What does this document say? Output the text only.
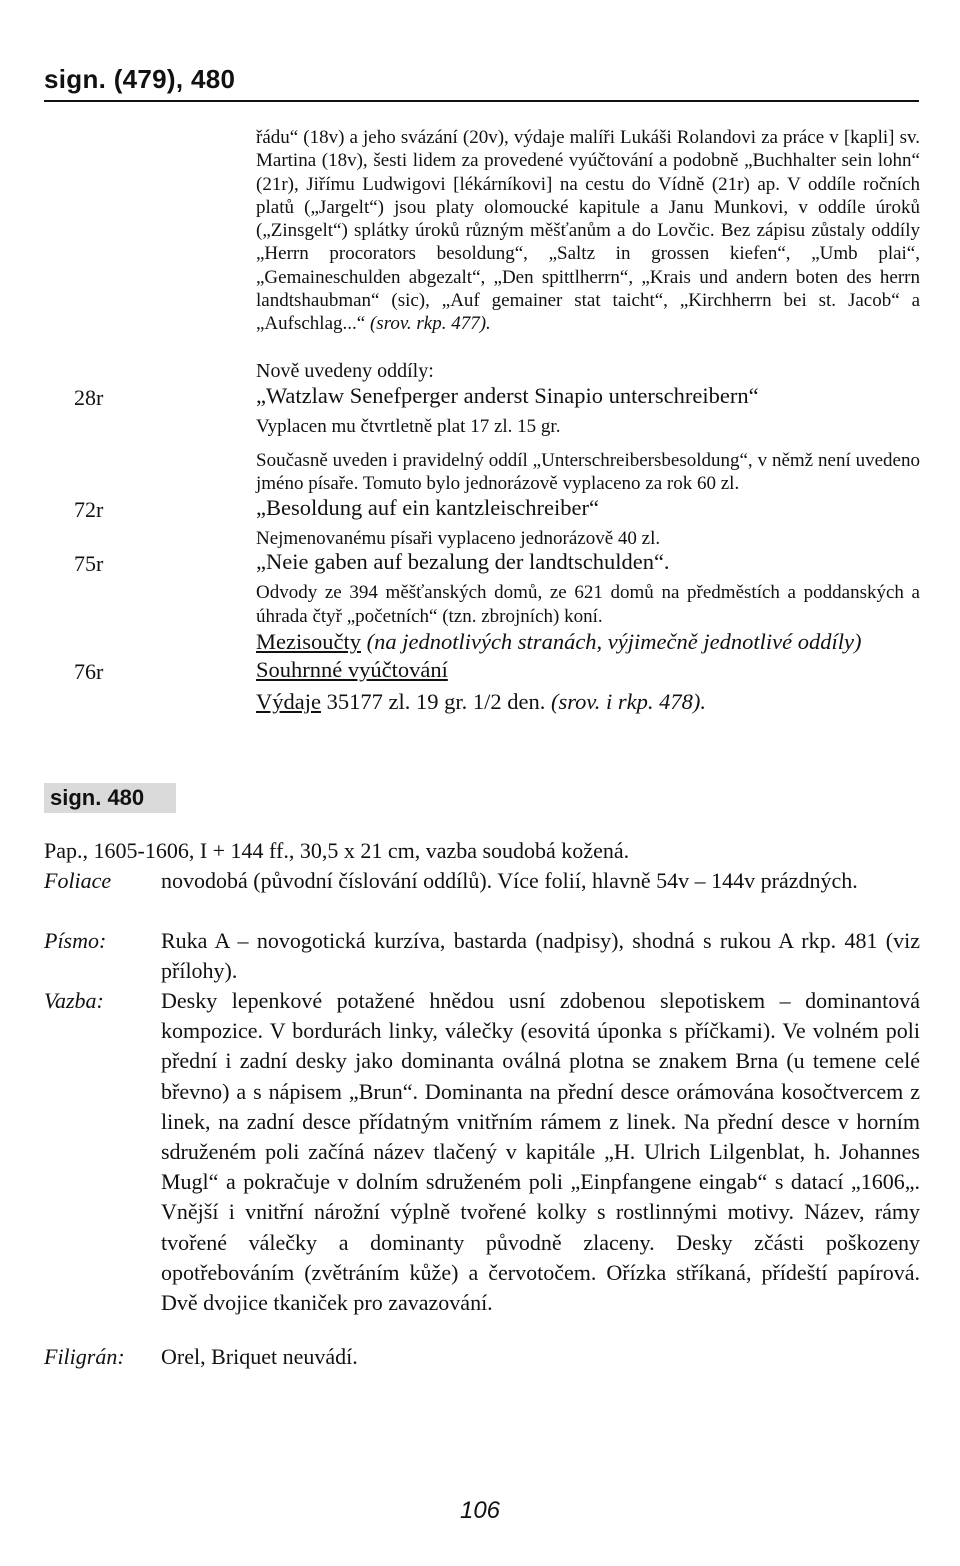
sign. (479), 480
řádu“ (18v) a jeho svázání (20v), výdaje malíři Lukáši Rolandovi za práce v [kapli] sv. Martina (18v), šesti lidem za provedené vyúčtování a podobně „Buchhalter sein lohn“ (21r), Jiřímu Ludwigovi [lékárníkovi] na cestu do Vídně (21r) ap. V oddíle ročních platů („Jargelt“) jsou platy olomoucké kapitule a Janu Munkovi, v oddíle úroků („Zinsgelt“) splátky úroků různým měšťanům a do Lovčic. Bez zápisu zůstaly oddíly „Herrn procorators besoldung“, „Saltz in grossen kiefen“, „Umb plai“, „Gemaineschulden abgezalt“, „Den spittlherrn“, „Krais und andern boten des herrn landtshaubman“ (sic), „Auf gemainer stat taicht“, „Kirchherrn bei st. Jacob“ a „Aufschlag...“ (srov. rkp. 477).
Nově uvedeny oddíly:
28r	„Watzlaw Senefperger anderst Sinapio unterschreibern“
Vyplacen mu čtvrtletně plat 17 zl. 15 gr.
Současně uveden i pravidelný oddíl „Unterschreibersbesoldung“, v němž není uvedeno jméno písaře. Tomuto bylo jednorázově vyplaceno za rok 60 zl.
72r	„Besoldung auf ein kantzleischreiber“
Nejmenovanému písaři vyplaceno jednorázově 40 zl.
75r	„Neie gaben auf bezalung der landtschulden“.
Odvody ze 394 měšťanských domů, ze 621 domů na předměstích a poddanských a úhrada čtyř „početních“ (tzn. zbrojních) koní.
Mezisoučty (na jednotlivých stranách, výjimečně jednotlivé oddíly)
76r	Souhrnné vyúčtování
Výdaje 35177 zl. 19 gr. 1/2 den. (srov. i rkp. 478).
sign. 480
Pap., 1605-1606, I + 144 ff., 30,5 x 21 cm, vazba soudobá kožená.
Foliace novodobá (původní číslování oddílů). Více folií, hlavně 54v – 144v prázdných.
Písmo: Ruka A – novogotická kurzíva, bastarda (nadpisy), shodná s rukou A rkp. 481 (viz přílohy).
Vazba:	Desky lepenkové potažené hnědou usní zdobenou slepotiskem – dominantová kompozice. V bordurách linky, válečky (esovitá úponka s příčkami). Ve volném poli přední i zadní desky jako dominanta oválná plotna se znakem Brna (u temene celé břevno) a s nápisem „Brun“. Dominanta na přední desce orámována kosočtvercem z linek, na zadní desce přídatným vnitřním rámem z linek. Na přední desce v horním sdruženém poli začíná název tlačený v kapitále „H. Ulrich Lilgenblat, h. Johannes Mugl“ a pokračuje v dolním sdruženém poli „Einpfangene eingab“ s datací „1606„. Vnější i vnitřní nárožní výplně tvořené kolky s rostlinnými motivy. Název, rámy tvořené válečky a dominanty původně zlaceny. Desky zčásti poškozeny opotřebováním (zvětráním kůže) a červotočem. Ořízka stříkaná, přídeští papírová. Dvě dvojice tkaniček pro zavazování.
Filigrán: Orel, Briquet neuvádí.
106
